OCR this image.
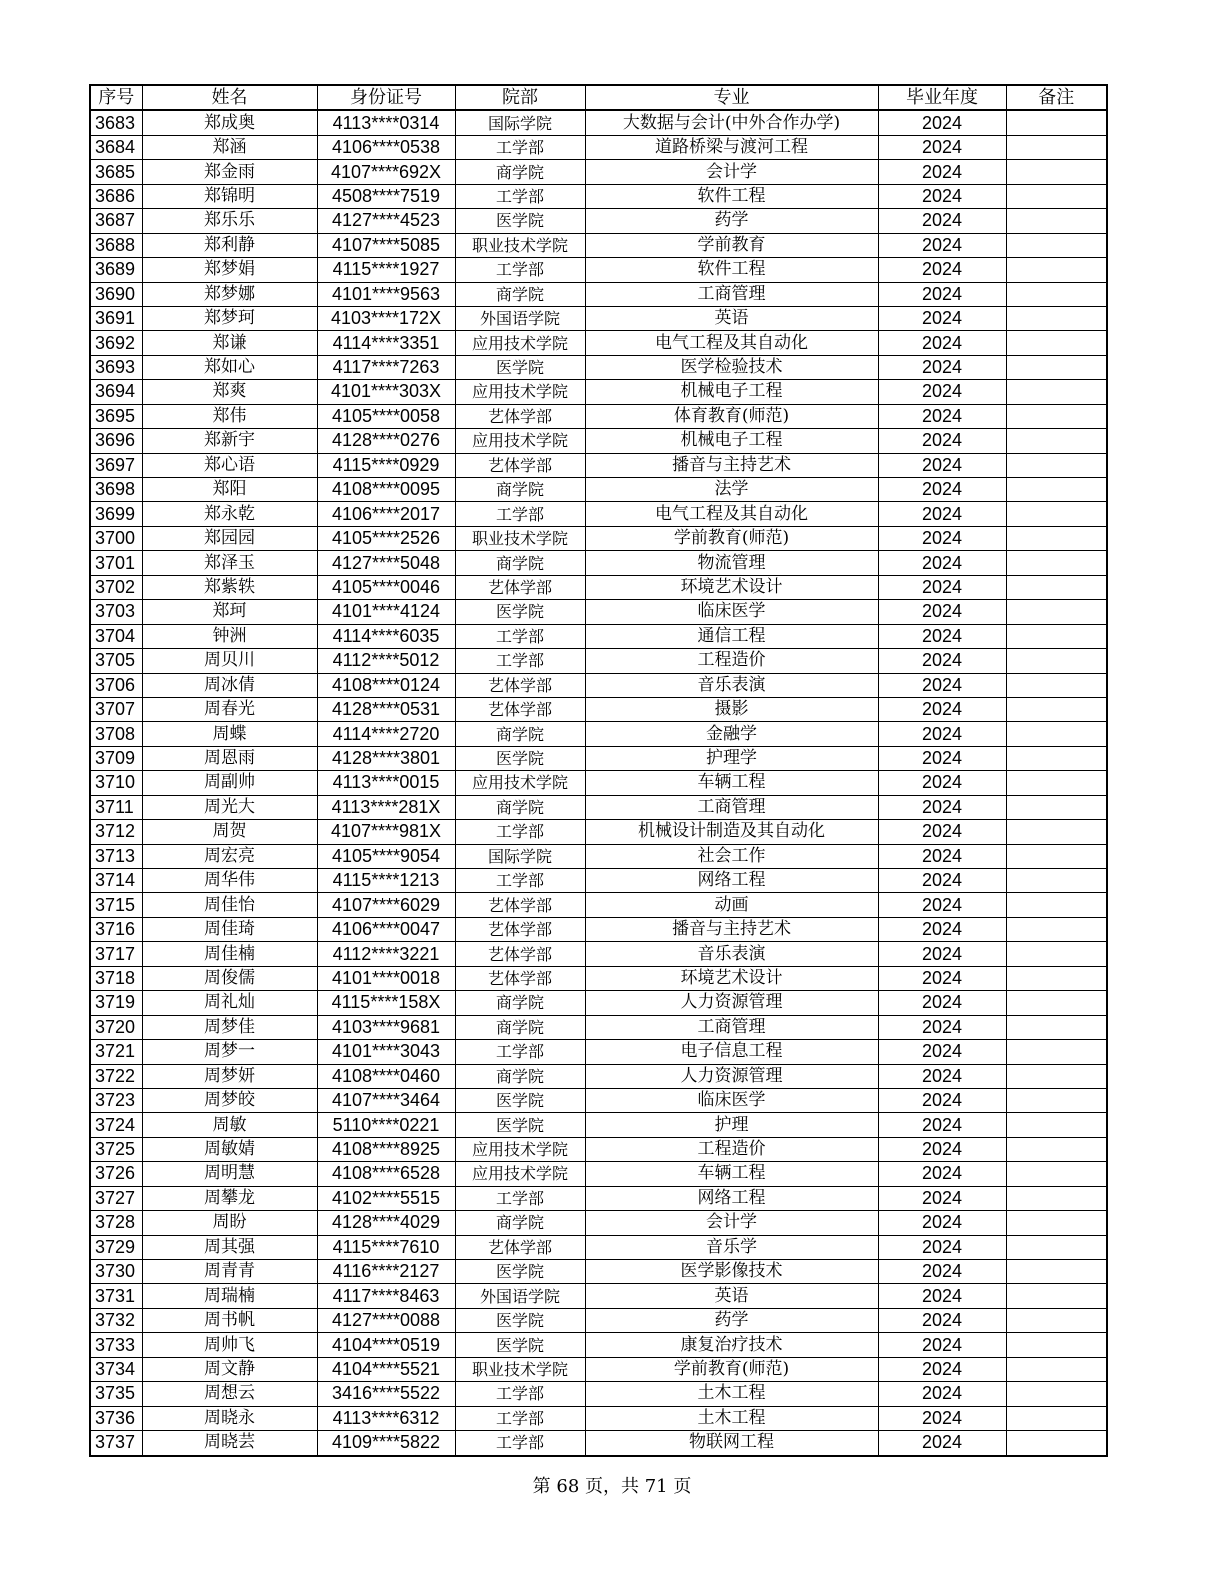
序号	姓名	身份证号	院部	专业	毕业年度	备注
3683	郑成奥	4113****0314	国际学院	大数据与会计(中外合作办学)	2024	
3684	郑涵	4106****0538	工学部	道路桥梁与渡河工程	2024	
3685	郑金雨	4107****692X	商学院	会计学	2024	
3686	郑锦明	4508****7519	工学部	软件工程	2024	
3687	郑乐乐	4127****4523	医学院	药学	2024	
3688	郑利静	4107****5085	职业技术学院	学前教育	2024	
3689	郑梦娟	4115****1927	工学部	软件工程	2024	
3690	郑梦娜	4101****9563	商学院	工商管理	2024	
3691	郑梦珂	4103****172X	外国语学院	英语	2024	
3692	郑谦	4114****3351	应用技术学院	电气工程及其自动化	2024	
3693	郑如心	4117****7263	医学院	医学检验技术	2024	
3694	郑爽	4101****303X	应用技术学院	机械电子工程	2024	
3695	郑伟	4105****0058	艺体学部	体育教育(师范)	2024	
3696	郑新宇	4128****0276	应用技术学院	机械电子工程	2024	
3697	郑心语	4115****0929	艺体学部	播音与主持艺术	2024	
3698	郑阳	4108****0095	商学院	法学	2024	
3699	郑永乾	4106****2017	工学部	电气工程及其自动化	2024	
3700	郑园园	4105****2526	职业技术学院	学前教育(师范)	2024	
3701	郑泽玉	4127****5048	商学院	物流管理	2024	
3702	郑紫轶	4105****0046	艺体学部	环境艺术设计	2024	
3703	郑珂	4101****4124	医学院	临床医学	2024	
3704	钟洲	4114****6035	工学部	通信工程	2024	
3705	周贝川	4112****5012	工学部	工程造价	2024	
3706	周冰倩	4108****0124	艺体学部	音乐表演	2024	
3707	周春光	4128****0531	艺体学部	摄影	2024	
3708	周蝶	4114****2720	商学院	金融学	2024	
3709	周恩雨	4128****3801	医学院	护理学	2024	
3710	周副帅	4113****0015	应用技术学院	车辆工程	2024	
3711	周光大	4113****281X	商学院	工商管理	2024	
3712	周贺	4107****981X	工学部	机械设计制造及其自动化	2024	
3713	周宏亮	4105****9054	国际学院	社会工作	2024	
3714	周华伟	4115****1213	工学部	网络工程	2024	
3715	周佳怡	4107****6029	艺体学部	动画	2024	
3716	周佳琦	4106****0047	艺体学部	播音与主持艺术	2024	
3717	周佳楠	4112****3221	艺体学部	音乐表演	2024	
3718	周俊儒	4101****0018	艺体学部	环境艺术设计	2024	
3719	周礼灿	4115****158X	商学院	人力资源管理	2024	
3720	周梦佳	4103****9681	商学院	工商管理	2024	
3721	周梦一	4101****3043	工学部	电子信息工程	2024	
3722	周梦妍	4108****0460	商学院	人力资源管理	2024	
3723	周梦皎	4107****3464	医学院	临床医学	2024	
3724	周敏	5110****0221	医学院	护理	2024	
3725	周敏婧	4108****8925	应用技术学院	工程造价	2024	
3726	周明慧	4108****6528	应用技术学院	车辆工程	2024	
3727	周攀龙	4102****5515	工学部	网络工程	2024	
3728	周盼	4128****4029	商学院	会计学	2024	
3729	周其强	4115****7610	艺体学部	音乐学	2024	
3730	周青青	4116****2127	医学院	医学影像技术	2024	
3731	周瑞楠	4117****8463	外国语学院	英语	2024	
3732	周书帆	4127****0088	医学院	药学	2024	
3733	周帅飞	4104****0519	医学院	康复治疗技术	2024	
3734	周文静	4104****5521	职业技术学院	学前教育(师范)	2024	
3735	周想云	3416****5522	工学部	土木工程	2024	
3736	周晓永	4113****6312	工学部	土木工程	2024	
3737	周晓芸	4109****5822	工学部	物联网工程	2024	
第 68 页，共 71 页
